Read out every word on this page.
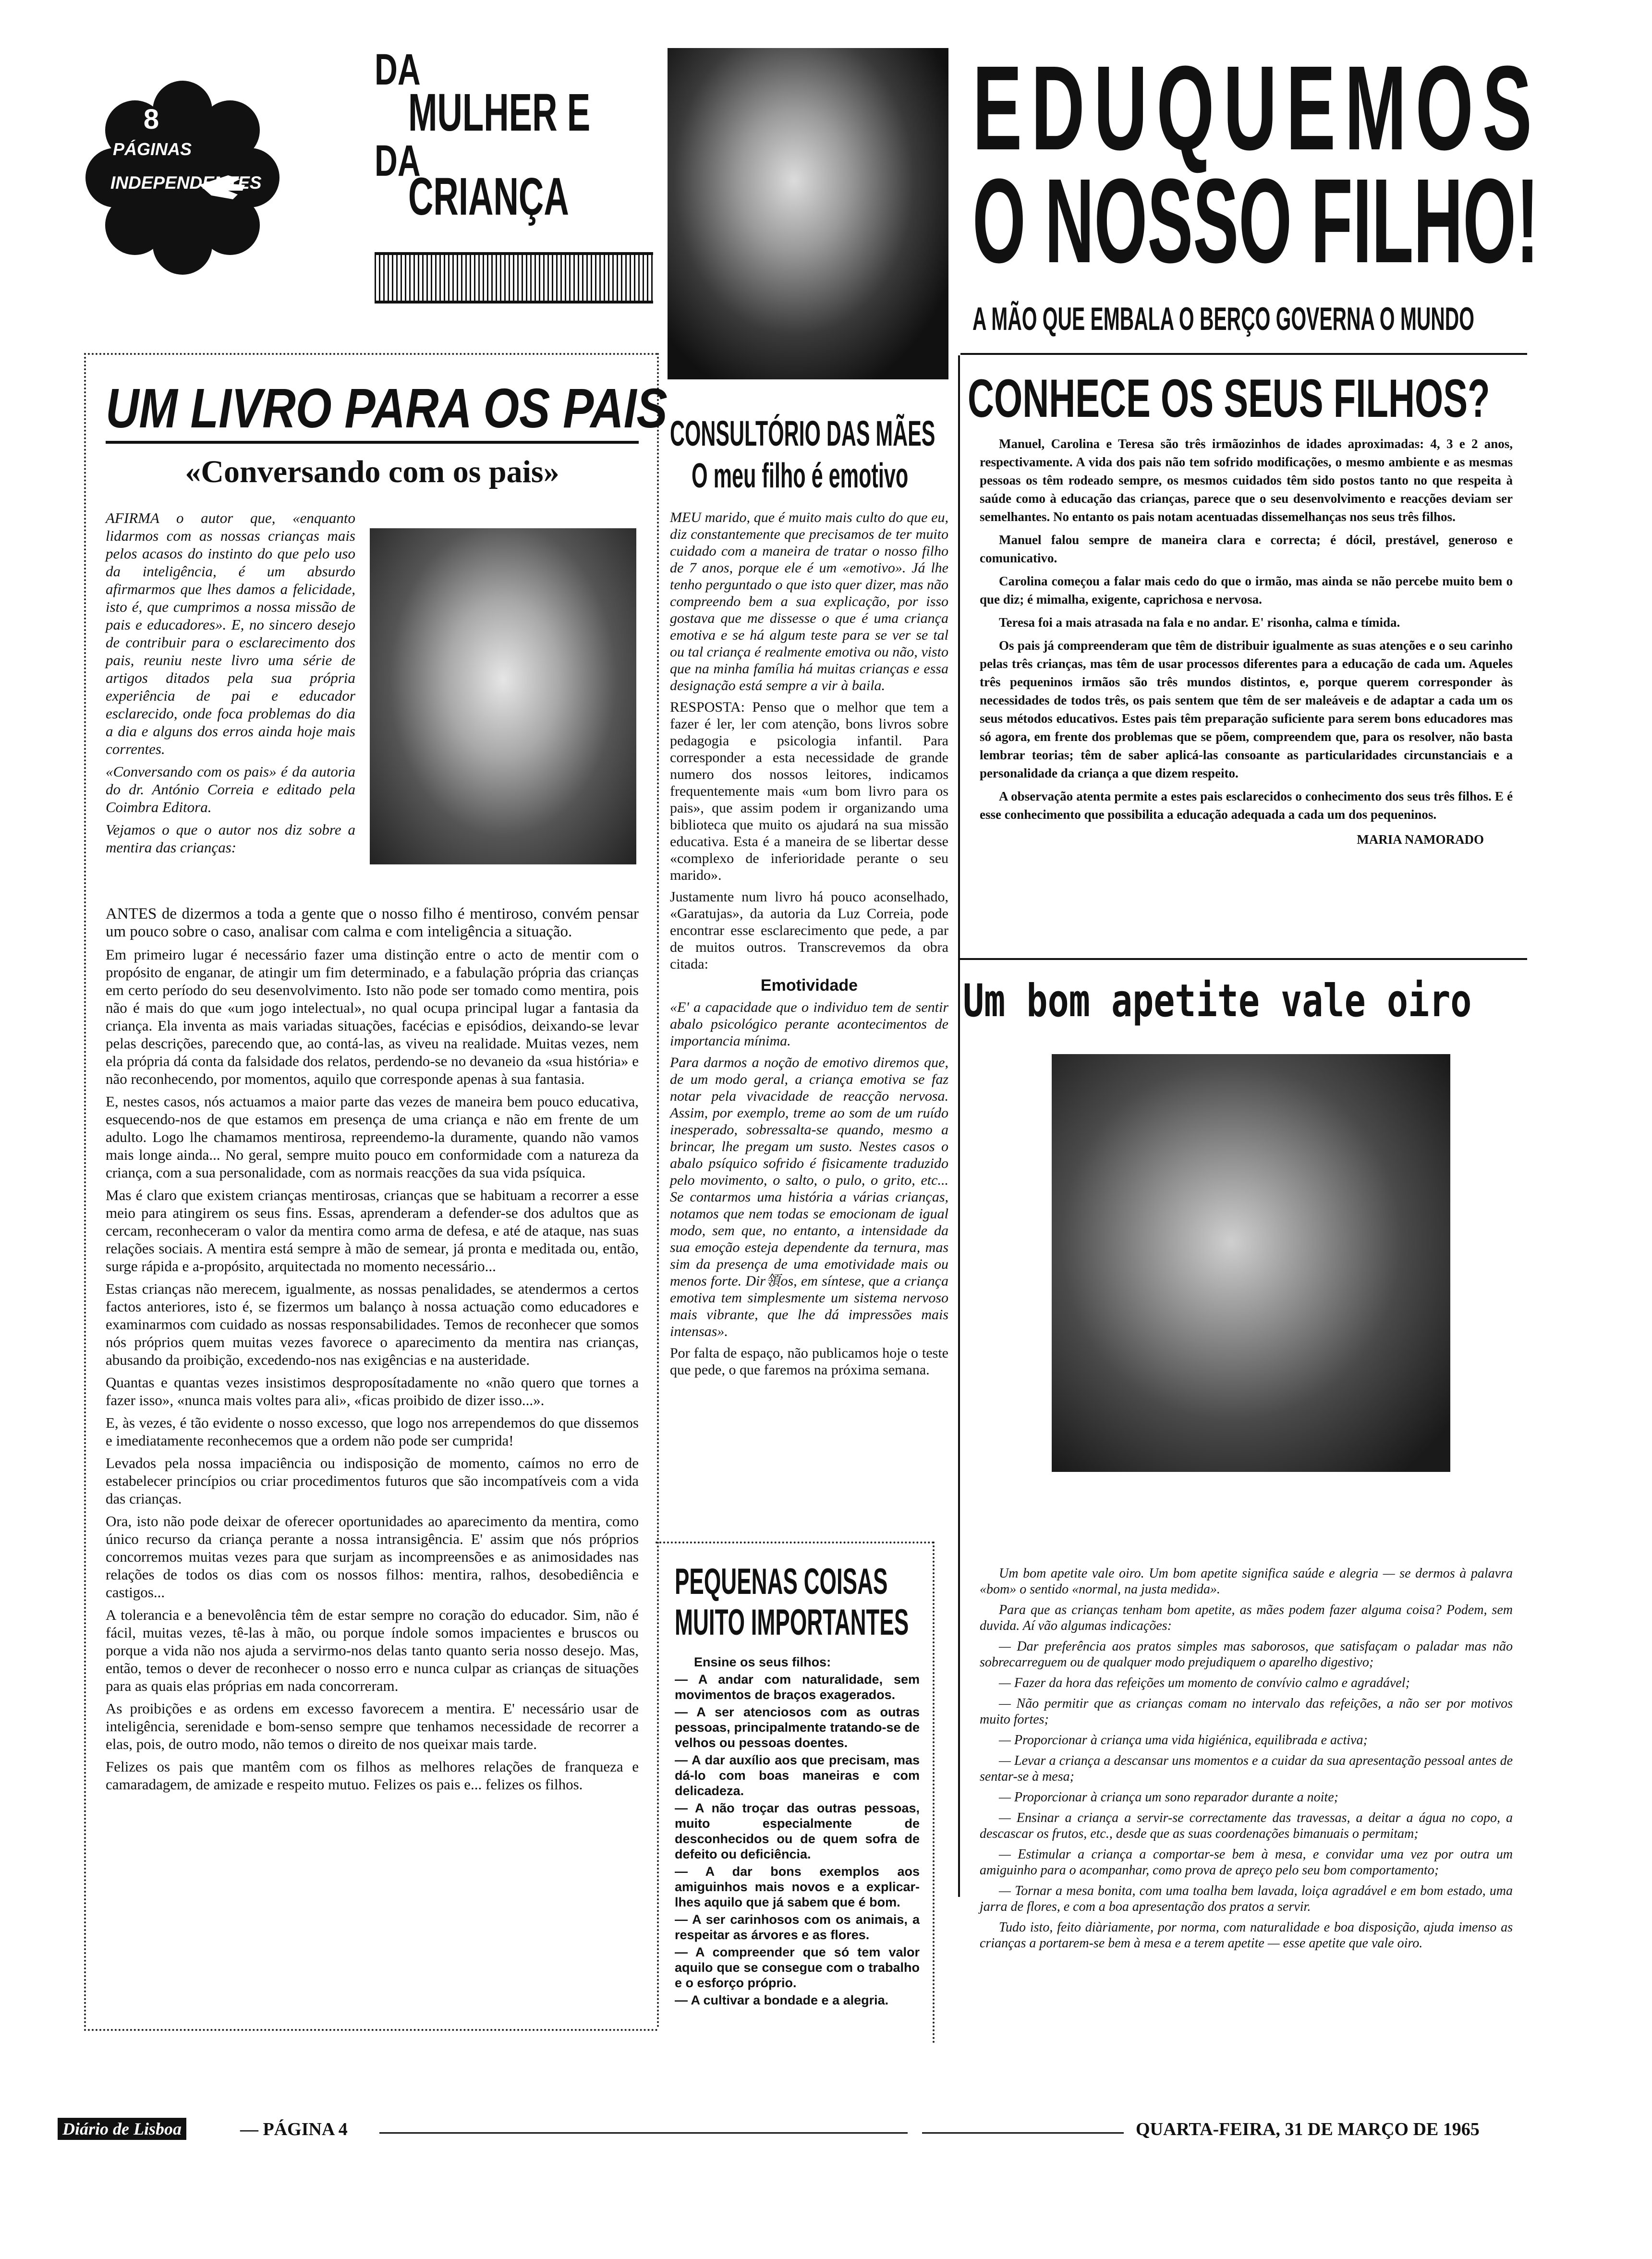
8
PÁGINAS
INDEPENDENTES
DA
MULHER E
DA
CRIANÇA
EDUQUEMOS
O NOSSO FILHO!
A MÃO QUE EMBALA O BERÇO GOVERNA O MUNDO
UM LIVRO PARA OS PAIS
«Conversando com os pais»

AFIRMA o autor que, «enquanto lidarmos com as nossas crianças mais pelos acasos do instinto do que pelo uso da inteligência, é um absurdo afirmarmos que lhes damos a felicidade, isto é, que cumprimos a nossa missão de pais e educadores». E, no sincero desejo de contribuir para o esclarecimento dos pais, reuniu neste livro uma série de artigos ditados pela sua própria experiência de pai e educador esclarecido, onde foca problemas do dia a dia e alguns dos erros ainda hoje mais correntes.

«Conversando com os pais» é da autoria do dr. António Correia e editado pela Coimbra Editora.

Vejamos o que o autor nos diz sobre a mentira das crianças:

ANTES de dizermos a toda a gente que o nosso filho é mentiroso, convém pensar um pouco sobre o caso, analisar com calma e com inteligência a situação.

Em primeiro lugar é necessário fazer uma distinção entre o acto de mentir com o propósito de enganar, de atingir um fim determinado, e a fabulação própria das crianças em certo período do seu desenvolvimento. Isto não pode ser tomado como mentira, pois não é mais do que «um jogo intelectual», no qual ocupa principal lugar a fantasia da criança. Ela inventa as mais variadas situações, facécias e episódios, deixando-se levar pelas descrições, parecendo que, ao contá-las, as viveu na realidade. Muitas vezes, nem ela própria dá conta da falsidade dos relatos, perdendo-se no devaneio da «sua história» e não reconhecendo, por momentos, aquilo que corresponde apenas à sua fantasia.

E, nestes casos, nós actuamos a maior parte das vezes de maneira bem pouco educativa, esquecendo-nos de que estamos em presença de uma criança e não em frente de um adulto. Logo lhe chamamos mentirosa, repreendemo-la duramente, quando não vamos mais longe ainda... No geral, sempre muito pouco em conformidade com a natureza da criança, com a sua personalidade, com as normais reacções da sua vida psíquica.

Mas é claro que existem crianças mentirosas, crianças que se habituam a recorrer a esse meio para atingirem os seus fins. Essas, aprenderam a defender-se dos adultos que as cercam, reconheceram o valor da mentira como arma de defesa, e até de ataque, nas suas relações sociais. A mentira está sempre à mão de semear, já pronta e meditada ou, então, surge rápida e a-propósito, arquitectada no momento necessário...

Estas crianças não merecem, igualmente, as nossas penalidades, se atendermos a certos factos anteriores, isto é, se fizermos um balanço à nossa actuação como educadores e examinarmos com cuidado as nossas responsabilidades. Temos de reconhecer que somos nós próprios quem muitas vezes favorece o aparecimento da mentira nas crianças, abusando da proibição, excedendo-nos nas exigências e na austeridade.

Quantas e quantas vezes insistimos desproposítadamente no «não quero que tornes a fazer isso», «nunca mais voltes para ali», «ficas proibido de dizer isso...».

E, às vezes, é tão evidente o nosso excesso, que logo nos arrependemos do que dissemos e imediatamente reconhecemos que a ordem não pode ser cumprida!

Levados pela nossa impaciência ou indisposição de momento, caímos no erro de estabelecer princípios ou criar procedimentos futuros que são incompatíveis com a vida das crianças.

Ora, isto não pode deixar de oferecer oportunidades ao aparecimento da mentira, como único recurso da criança perante a nossa intransigência. E' assim que nós próprios concorremos muitas vezes para que surjam as incompreensões e as animosidades nas relações de todos os dias com os nossos filhos: mentira, ralhos, desobediência e castigos...

A tolerancia e a benevolência têm de estar sempre no coração do educador. Sim, não é fácil, muitas vezes, tê-las à mão, ou porque índole somos impacientes e bruscos ou porque a vida não nos ajuda a servirmo-nos delas tanto quanto seria nosso desejo. Mas, então, temos o dever de reconhecer o nosso erro e nunca culpar as crianças de situações para as quais elas próprias em nada concorreram.

As proibições e as ordens em excesso favorecem a mentira. E' necessário usar de inteligência, serenidade e bom-senso sempre que tenhamos necessidade de recorrer a elas, pois, de outro modo, não temos o direito de nos queixar mais tarde.

Felizes os pais que mantêm com os filhos as melhores relações de franqueza e camaradagem, de amizade e respeito mutuo. Felizes os pais e... felizes os filhos.

CONSULTÓRIO DAS MÃES
O meu filho é emotivo

MEU marido, que é muito mais culto do que eu, diz constantemente que precisamos de ter muito cuidado com a maneira de tratar o nosso filho de 7 anos, porque ele é um «emotivo». Já lhe tenho perguntado o que isto quer dizer, mas não compreendo bem a sua explicação, por isso gostava que me dissesse o que é uma criança emotiva e se há algum teste para se ver se tal ou tal criança é realmente emotiva ou não, visto que na minha família há muitas crianças e essa designação está sempre a vir à baila.

RESPOSTA: Penso que o melhor que tem a fazer é ler, ler com atenção, bons livros sobre pedagogia e psicologia infantil. Para corresponder a esta necessidade de grande numero dos nossos leitores, indicamos frequentemente mais «um bom livro para os pais», que assim podem ir organizando uma biblioteca que muito os ajudará na sua missão educativa. Esta é a maneira de se libertar desse «complexo de inferioridade perante o seu marido».

Justamente num livro há pouco aconselhado, «Garatujas», da autoria da Luz Correia, pode encontrar esse esclarecimento que pede, a par de muitos outros. Transcrevemos da obra citada:

Emotividade

«E' a capacidade que o individuo tem de sentir abalo psicológico perante acontecimentos de importancia mínima.

Para darmos a noção de emotivo diremos que, de um modo geral, a criança emotiva se faz notar pela vivacidade de reacção nervosa. Assim, por exemplo, treme ao som de um ruído inesperado, sobressalta-se quando, mesmo a brincar, lhe pregam um susto. Nestes casos o abalo psíquico sofrido é fisicamente traduzido pelo movimento, o salto, o pulo, o grito, etc... Se contarmos uma história a várias crianças, notamos que nem todas se emocionam de igual modo, sem que, no entanto, a intensidade da sua emoção esteja dependente da ternura, mas sim da presença de uma emotividade mais ou menos forte. Dir領os, em síntese, que a criança emotiva tem simplesmente um sistema nervoso mais vibrante, que lhe dá impressões mais intensas».

Por falta de espaço, não publicamos hoje o teste que pede, o que faremos na próxima semana.

PEQUENAS COISAS
MUITO IMPORTANTES

Ensine os seus filhos:

— A andar com naturalidade, sem movimentos de braços exagerados.

— A ser atenciosos com as outras pessoas, principalmente tratando-se de velhos ou pessoas doentes.

— A dar auxílio aos que precisam, mas dá-lo com boas maneiras e com delicadeza.

— A não troçar das outras pessoas, muito especialmente de desconhecidos ou de quem sofra de defeito ou deficiência.

— A dar bons exemplos aos amiguinhos mais novos e a explicar-lhes aquilo que já sabem que é bom.

— A ser carinhosos com os animais, a respeitar as árvores e as flores.

— A compreender que só tem valor aquilo que se consegue com o trabalho e o esforço próprio.

— A cultivar a bondade e a alegria.

CONHECE OS SEUS FILHOS?

Manuel, Carolina e Teresa são três irmãozinhos de idades aproximadas: 4, 3 e 2 anos, respectivamente. A vida dos pais não tem sofrido modificações, o mesmo ambiente e as mesmas pessoas os têm rodeado sempre, os mesmos cuidados têm sido postos tanto no que respeita à saúde como à educação das crianças, parece que o seu desenvolvimento e reacções deviam ser semelhantes. No entanto os pais notam acentuadas dissemelhanças nos seus três filhos.

Manuel falou sempre de maneira clara e correcta; é dócil, prestável, generoso e comunicativo.

Carolina começou a falar mais cedo do que o irmão, mas ainda se não percebe muito bem o que diz; é mimalha, exigente, caprichosa e nervosa.

Teresa foi a mais atrasada na fala e no andar. E' risonha, calma e tímida.

Os pais já compreenderam que têm de distribuir igualmente as suas atenções e o seu carinho pelas três crianças, mas têm de usar processos diferentes para a educação de cada um. Aqueles três pequeninos irmãos são três mundos distintos, e, porque querem corresponder às necessidades de todos três, os pais sentem que têm de ser maleáveis e de adaptar a cada um os seus métodos educativos. Estes pais têm preparação suficiente para serem bons educadores mas só agora, em frente dos problemas que se põem, compreendem que, para os resolver, não basta lembrar teorias; têm de saber aplicá-las consoante as particularidades circunstanciais e a personalidade da criança a que dizem respeito.

A observação atenta permite a estes pais esclarecidos o conhecimento dos seus três filhos. E é esse conhecimento que possibilita a educação adequada a cada um dos pequeninos.

MARIA NAMORADO

Um bom apetite vale oiro

Um bom apetite vale oiro. Um bom apetite significa saúde e alegria — se dermos à palavra «bom» o sentido «normal, na justa medida».

Para que as crianças tenham bom apetite, as mães podem fazer alguma coisa? Podem, sem duvida. Aí vão algumas indicações:

— Dar preferência aos pratos simples mas saborosos, que satisfaçam o paladar mas não sobrecarreguem ou de qualquer modo prejudiquem o aparelho digestivo;

— Fazer da hora das refeições um momento de convívio calmo e agradável;

— Não permitir que as crianças comam no intervalo das refeições, a não ser por motivos muito fortes;

— Proporcionar à criança uma vida higiénica, equilibrada e activa;

— Levar a criança a descansar uns momentos e a cuidar da sua apresentação pessoal antes de sentar-se à mesa;

— Proporcionar à criança um sono reparador durante a noite;

— Ensinar a criança a servir-se correctamente das travessas, a deitar a água no copo, a descascar os frutos, etc., desde que as suas coordenações bimanuais o permitam;

— Estimular a criança a comportar-se bem à mesa, e convidar uma vez por outra um amiguinho para o acompanhar, como prova de apreço pelo seu bom comportamento;

— Tornar a mesa bonita, com uma toalha bem lavada, loiça agradável e em bom estado, uma jarra de flores, e com a boa apresentação dos pratos a servir.

Tudo isto, feito diàriamente, por norma, com naturalidade e boa disposição, ajuda imenso as crianças a portarem-se bem à mesa e a terem apetite — esse apetite que vale oiro.

Diário de Lisboa	— PÁGINA 4	QUARTA-FEIRA, 31 DE MARÇO DE 1965
